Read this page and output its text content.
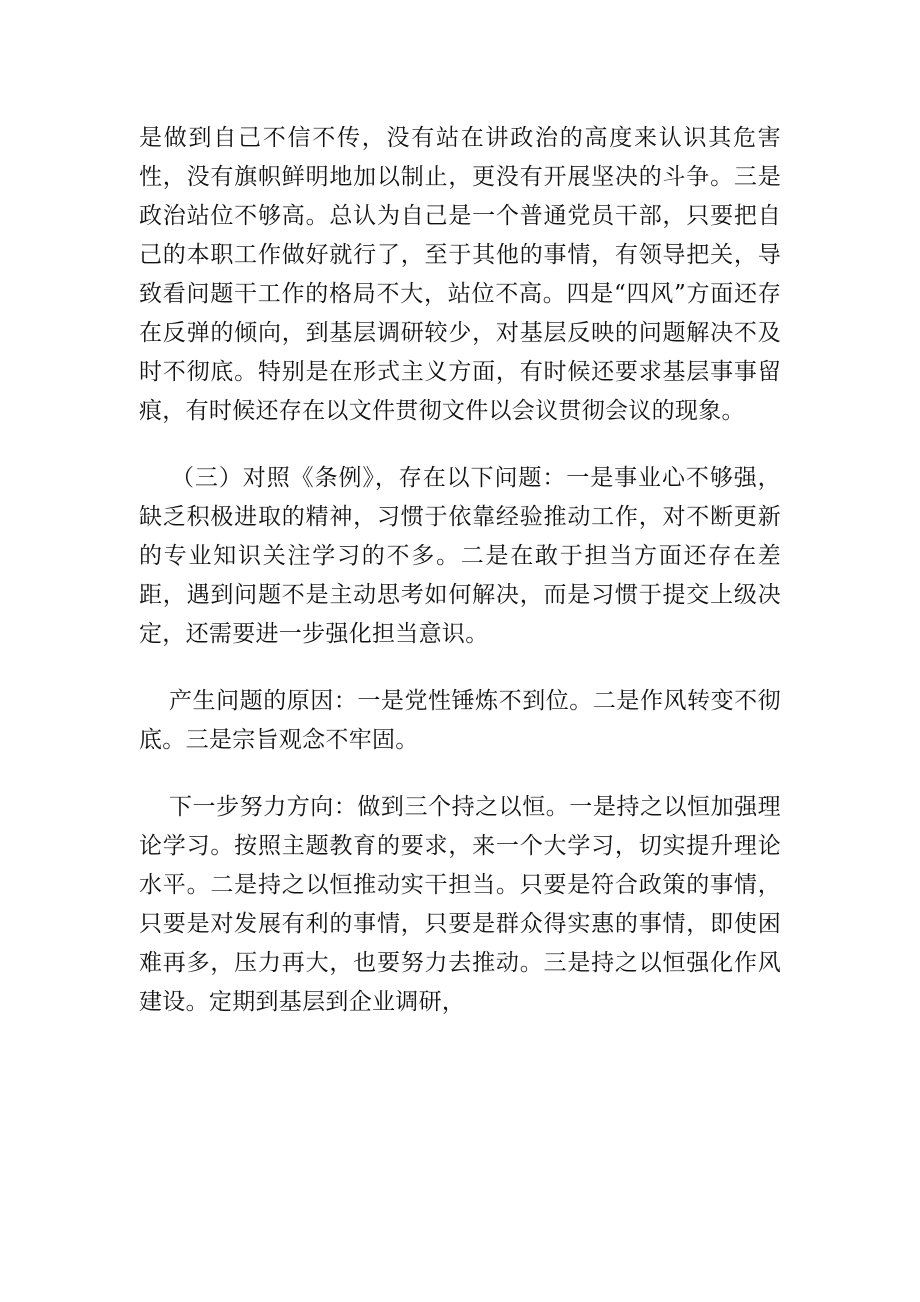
是做到自己不信不传，没有站在讲政治的高度来认识其危害性，没有旗帜鲜明地加以制止，更没有开展坚决的斗争。三是政治站位不够高。总认为自己是一个普通党员干部，只要把自己的本职工作做好就行了，至于其他的事情，有领导把关，导致看问题干工作的格局不大，站位不高。四是“四风”方面还存在反弹的倾向，到基层调研较少，对基层反映的问题解决不及时不彻底。特别是在形式主义方面，有时候还要求基层事事留痕，有时候还存在以文件贯彻文件以会议贯彻会议的现象。

（三）对照《条例》，存在以下问题：一是事业心不够强，缺乏积极进取的精神，习惯于依靠经验推动工作，对不断更新的专业知识关注学习的不多。二是在敢于担当方面还存在差距，遇到问题不是主动思考如何解决，而是习惯于提交上级决定，还需要进一步强化担当意识。

产生问题的原因：一是党性锤炼不到位。二是作风转变不彻底。三是宗旨观念不牢固。

下一步努力方向：做到三个持之以恒。一是持之以恒加强理论学习。按照主题教育的要求，来一个大学习，切实提升理论水平。二是持之以恒推动实干担当。只要是符合政策的事情，只要是对发展有利的事情，只要是群众得实惠的事情，即使困难再多，压力再大，也要努力去推动。三是持之以恒强化作风建设。定期到基层到企业调研，
